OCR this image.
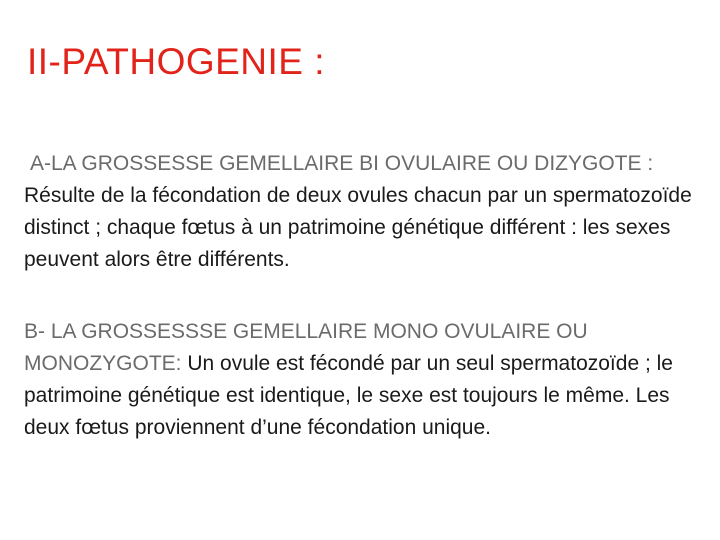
II-PATHOGENIE :
A-LA GROSSESSE GEMELLAIRE BI OVULAIRE OU DIZYGOTE : Résulte de la fécondation de deux ovules chacun par un spermatozoïde distinct ; chaque fœtus à un patrimoine génétique différent : les sexes peuvent alors être différents.
B- LA GROSSESSSE GEMELLAIRE MONO OVULAIRE OU MONOZYGOTE: Un ovule est fécondé par un seul spermatozoïde ; le patrimoine génétique est identique, le sexe est toujours le même. Les deux fœtus proviennent d’une fécondation unique.
